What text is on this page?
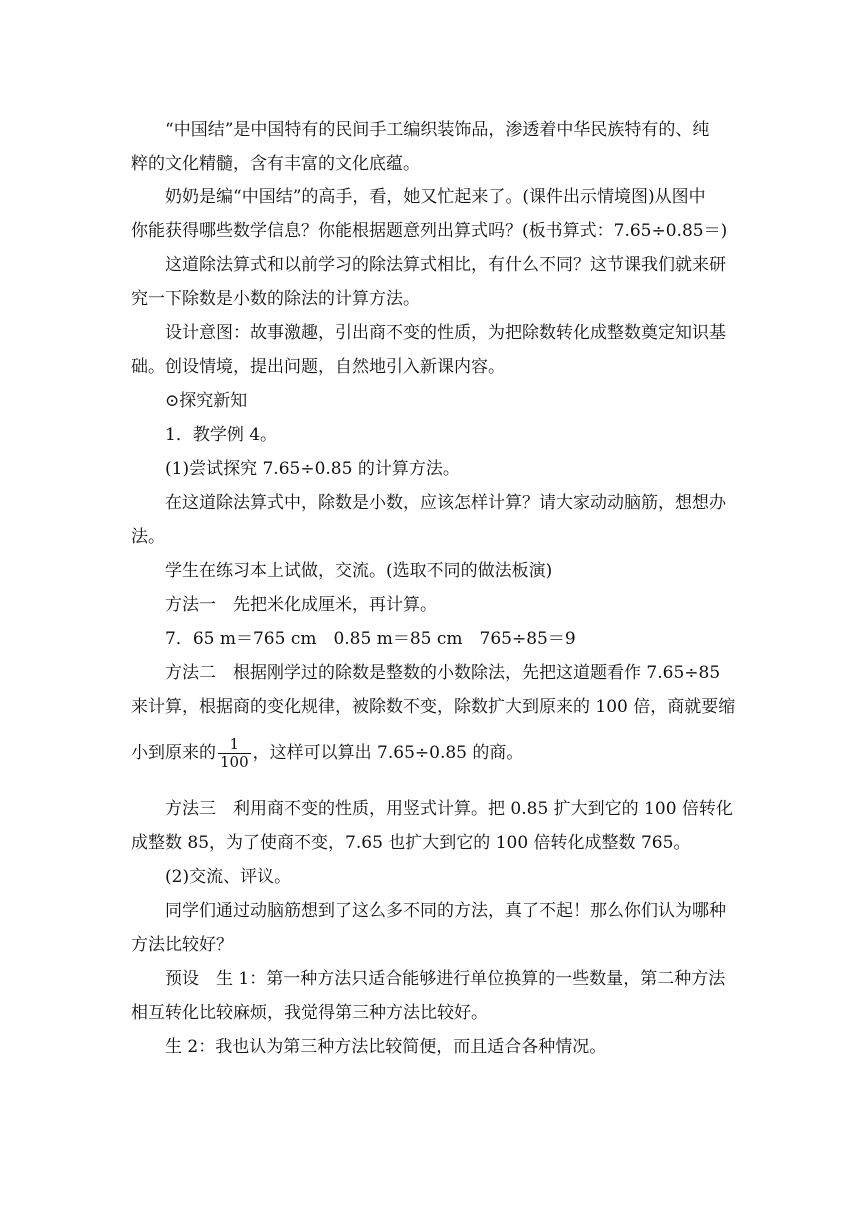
“中国结”是中国特有的民间手工编织装饰品，渗透着中华民族特有的、纯
粹的文化精髓，含有丰富的文化底蕴。
奶奶是编“中国结”的高手，看，她又忙起来了。(课件出示情境图)从图中
你能获得哪些数学信息？你能根据题意列出算式吗？(板书算式：7.65÷0.85＝)
这道除法算式和以前学习的除法算式相比，有什么不同？这节课我们就来研
究一下除数是小数的除法的计算方法。
设计意图：故事激趣，引出商不变的性质，为把除数转化成整数奠定知识基
础。创设情境，提出问题，自然地引入新课内容。
⊙探究新知
1．教学例 4。
(1)尝试探究 7.65÷0.85 的计算方法。
在这道除法算式中，除数是小数，应该怎样计算？请大家动动脑筋，想想办
法。
学生在练习本上试做，交流。(选取不同的做法板演)
方法一　先把米化成厘米，再计算。
7．65 m＝765 cm　0.85 m＝85 cm　765÷85＝9
方法二　根据刚学过的除数是整数的小数除法，先把这道题看作 7.65÷85
来计算，根据商的变化规律，被除数不变，除数扩大到原来的 100 倍，商就要缩
小到原来的 $\frac{1}{100}$ ，这样可以算出 7.65÷0.85 的商。
方法三　利用商不变的性质，用竖式计算。把 0.85 扩大到它的 100 倍转化
成整数 85，为了使商不变，7.65 也扩大到它的 100 倍转化成整数 765。
(2)交流、评议。
同学们通过动脑筋想到了这么多不同的方法，真了不起！那么你们认为哪种
方法比较好？
预设　生 1：第一种方法只适合能够进行单位换算的一些数量，第二种方法
相互转化比较麻烦，我觉得第三种方法比较好。
生 2：我也认为第三种方法比较简便，而且适合各种情况。
